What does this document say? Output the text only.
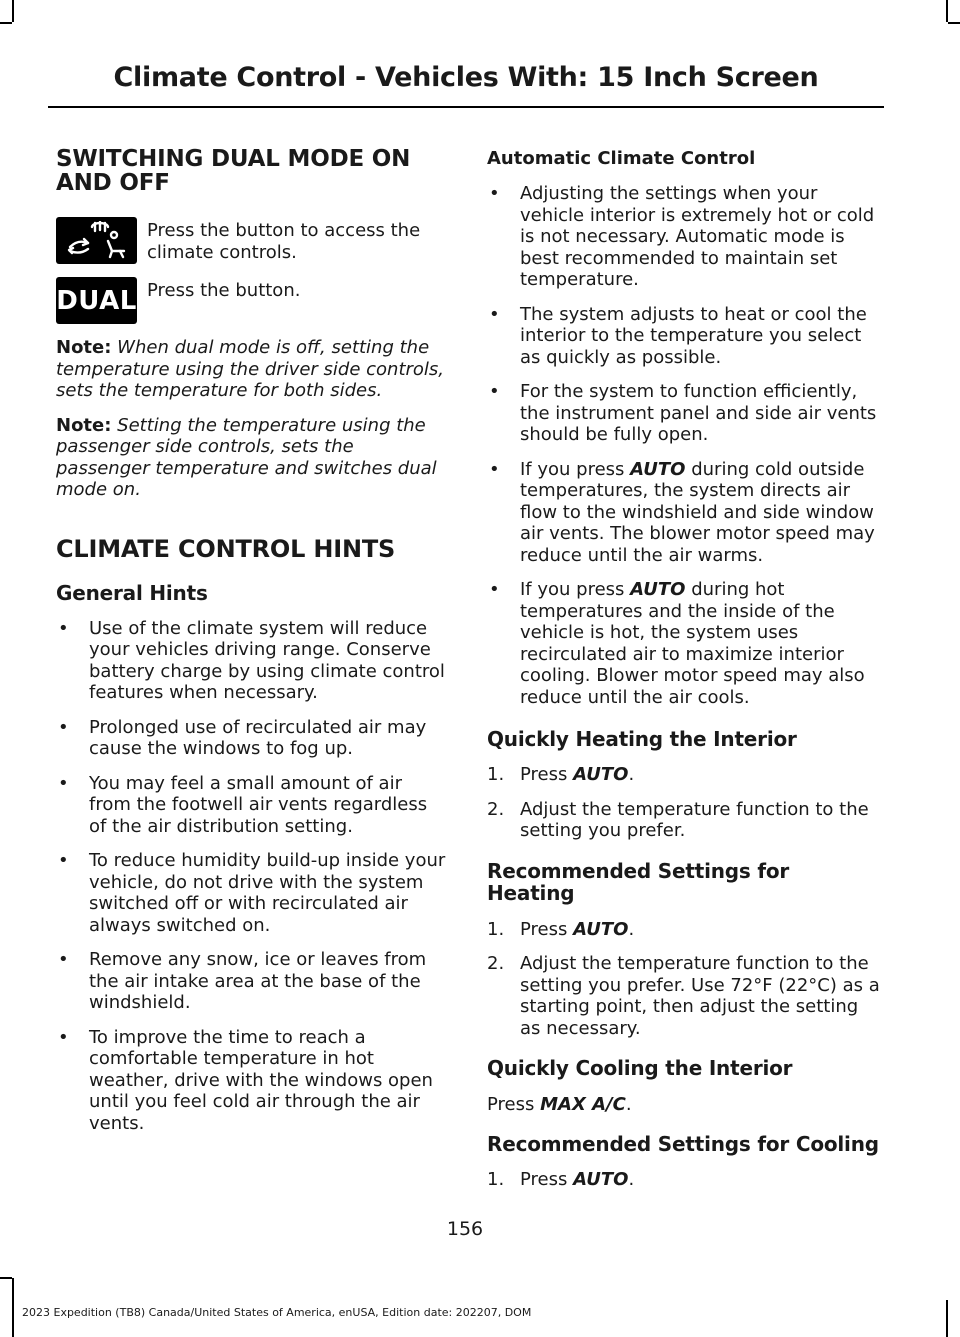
Climate Control - Vehicles With: 15 Inch Screen
SWITCHING DUAL MODE ON AND OFF

Press the button to access the climate controls.

DUAL Press the button.

Note: When dual mode is off, setting the temperature using the driver side controls, sets the temperature for both sides.

Note: Setting the temperature using the passenger side controls, sets the passenger temperature and switches dual mode on.

CLIMATE CONTROL HINTS
General Hints
• Use of the climate system will reduce your vehicles driving range. Conserve battery charge by using climate control features when necessary.
• Prolonged use of recirculated air may cause the windows to fog up.
• You may feel a small amount of air from the footwell air vents regardless of the air distribution setting.
• To reduce humidity build-up inside your vehicle, do not drive with the system switched off or with recirculated air always switched on.
• Remove any snow, ice or leaves from the air intake area at the base of the windshield.
• To improve the time to reach a comfortable temperature in hot weather, drive with the windows open until you feel cold air through the air vents.
Automatic Climate Control
• Adjusting the settings when your vehicle interior is extremely hot or cold is not necessary. Automatic mode is best recommended to maintain set temperature.
• The system adjusts to heat or cool the interior to the temperature you select as quickly as possible.
• For the system to function efficiently, the instrument panel and side air vents should be fully open.
• If you press AUTO during cold outside temperatures, the system directs air flow to the windshield and side window air vents. The blower motor speed may reduce until the air warms.
• If you press AUTO during hot temperatures and the inside of the vehicle is hot, the system uses recirculated air to maximize interior cooling. Blower motor speed may also reduce until the air cools.
Quickly Heating the Interior
1. Press AUTO.
2. Adjust the temperature function to the setting you prefer.
Recommended Settings for Heating
1. Press AUTO.
2. Adjust the temperature function to the setting you prefer. Use 72°F (22°C) as a starting point, then adjust the setting as necessary.
Quickly Cooling the Interior

Press MAX A/C.

Recommended Settings for Cooling
1. Press AUTO.
156
2023 Expedition (TB8) Canada/United States of America, enUSA, Edition date: 202207, DOM
